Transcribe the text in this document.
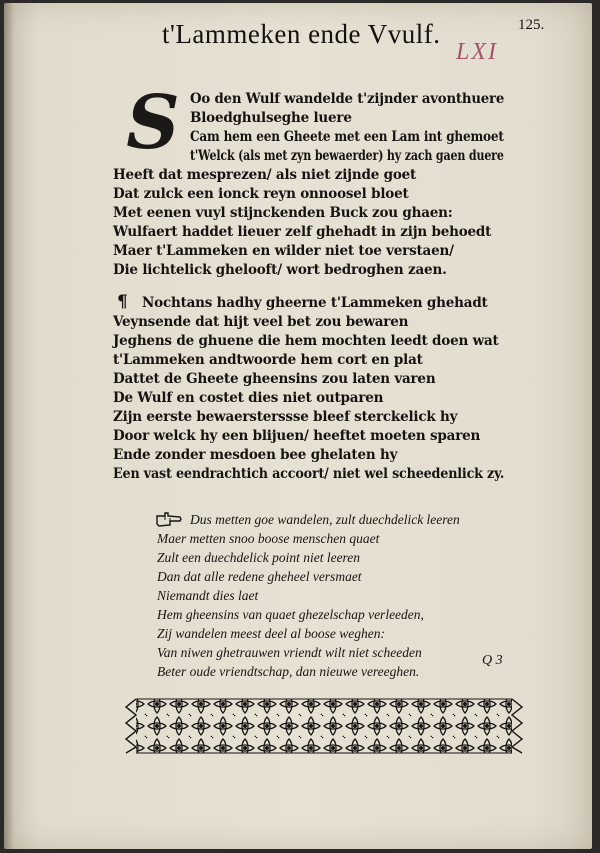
t'Lammeken ende Vvulf.	125.
LXI
S Oo den Wulf wandelde t'zijnder avonthuere
Bloedghulseghe luere
Cam hem een Gheete met een Lam int ghemoet
t'Welck (als met zyn bewaerder) hy zach gaen duere
Heeft dat mesprezen/ als niet zijnde goet
Dat zulck een ionck reyn onnoosel bloet
Met eenen vuyl stijnckenden Buck zou ghaen:
Wulfaert haddet lieuer zelf ghehadt in zijn behoedt
Maer t'Lammeken en wilder niet toe verstaen/
Die lichtelick ghelooft/ wort bedroghen zaen.
¶ Nochtans hadhy gheerne t'Lammeken ghehadt
Veynsende dat hijt veel bet zou bewaren
Jeghens de ghuene die hem mochten leedt doen wat
t'Lammeken andtwoorde hem cort en plat
Dattet de Gheete gheensins zou laten varen
De Wulf en costet dies niet outparen
Zijn eerste bewaersterssse bleef sterckelick hy
Door welck hy een blijuen/ heeftet moeten sparen
Ende zonder mesdoen bee ghelaten hy
Een vast eendrachtich accoort/ niet wel scheedenlick zy.
Dus metten goe wandelen, zult duechdelick leeren
Maer metten snoo boose menschen quaet
Zult een duechdelick point niet leeren
Dan dat alle redene gheheel versmaet
Niemandt dies laet
Hem gheensins van quaet ghezelschap verleeden,
Zij wandelen meest deel al boose weghen:
Van niwen ghetrauwen vriendt wilt niet scheeden
Beter oude vriendtschap, dan nieuwe vereeghen.
Q 3
